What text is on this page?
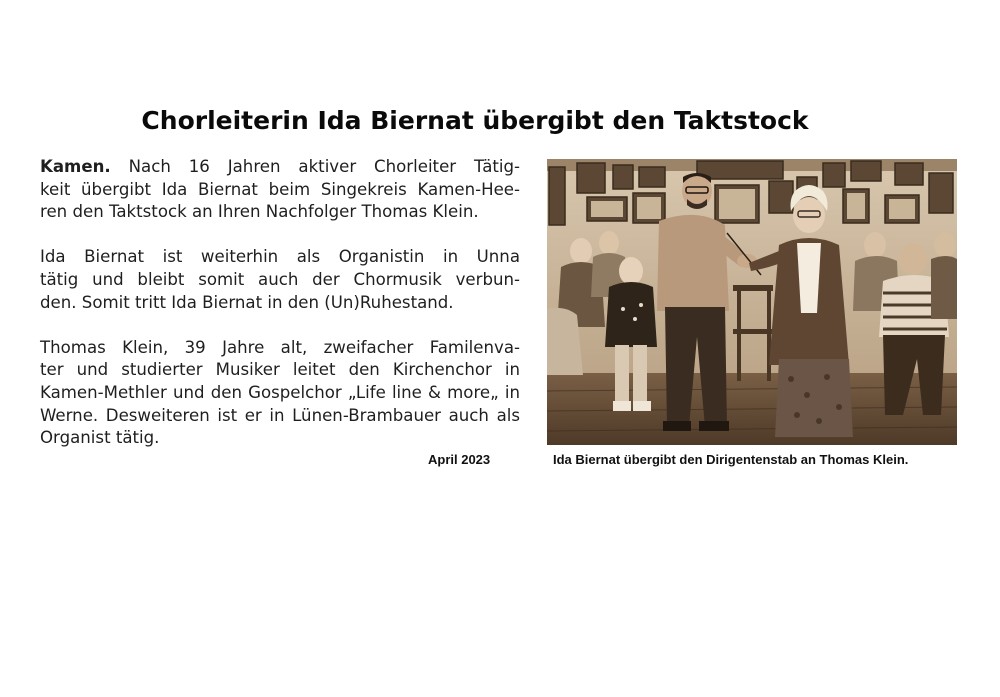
Chorleiterin Ida Biernat übergibt den Taktstock

Kamen. Nach 16 Jahren aktiver Chorleiter Tätig-
keit übergibt Ida Biernat beim Singekreis Kamen-Hee-
ren den Taktstock an Ihren Nachfolger Thomas Klein.

Ida Biernat ist weiterhin als Organistin in Unna
tätig und bleibt somit auch der Chormusik verbun-
den. Somit tritt Ida Biernat in den (Un)Ruhestand.

Thomas Klein, 39 Jahre alt, zweifacher Familenva-
ter und studierter Musiker leitet den Kirchenchor in
Kamen-Methler und den Gospelchor „Life line & more„ in
Werne. Desweiteren ist er in Lünen-Brambauer auch als
Organist tätig.

April 2023	Ida Biernat übergibt den Dirigentenstab an Thomas Klein.
